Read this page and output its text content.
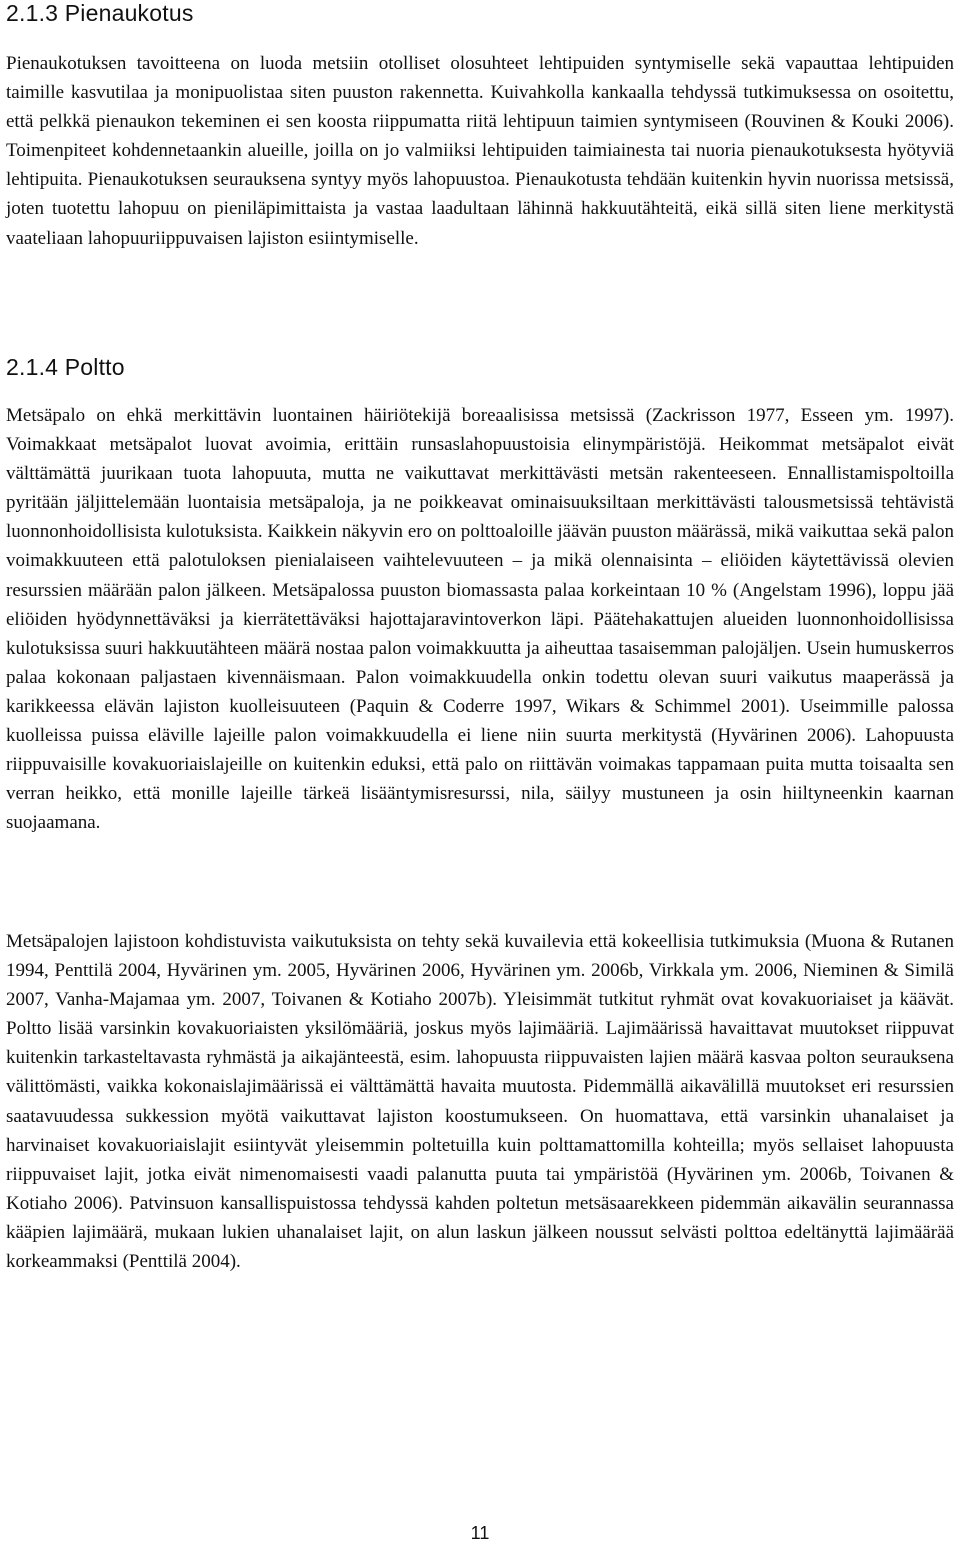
2.1.3 Pienaukotus

Pienaukotuksen tavoitteena on luoda metsiin otolliset olosuhteet lehtipuiden syntymiselle sekä vapauttaa lehtipuiden taimille kasvutilaa ja monipuolistaa siten puuston rakennetta. Kuivahkolla kankaalla tehdyssä tutkimuksessa on osoitettu, että pelkkä pienaukon tekeminen ei sen koosta riippumatta riitä lehtipuun taimien syntymiseen (Rouvinen & Kouki 2006). Toimenpiteet kohdennetaankin alueille, joilla on jo valmiiksi lehtipuiden taimiainesta tai nuoria pienaukotuksesta hyötyviä lehtipuita. Pienaukotuksen seurauksena syntyy myös lahopuustoa. Pienaukotusta tehdään kuitenkin hyvin nuorissa metsissä, joten tuotettu lahopuu on pieniläpimittaista ja vastaa laadultaan lähinnä hakkuutähteitä, eikä sillä siten liene merkitystä vaateliaan lahopuuriippuvaisen lajiston esiintymiselle.

2.1.4 Poltto

Metsäpalo on ehkä merkittävin luontainen häiriötekijä boreaalisissa metsissä (Zackrisson 1977, Esseen ym. 1997). Voimakkaat metsäpalot luovat avoimia, erittäin runsaslahopuustoisia elinympäristöjä. Heikommat metsäpalot eivät välttämättä juurikaan tuota lahopuuta, mutta ne vaikuttavat merkittävästi metsän rakenteeseen. Ennallistamispoltoilla pyritään jäljittelemään luontaisia metsäpaloja, ja ne poikkeavat ominaisuuksiltaan merkittävästi talousmetsissä tehtävistä luonnonhoidollisista kulotuksista. Kaikkein näkyvin ero on polttoaloille jäävän puuston määrässä, mikä vaikuttaa sekä palon voimakkuuteen että palotuloksen pienialaiseen vaihtelevuuteen – ja mikä olennaisinta – eliöiden käytettävissä olevien resurssien määrään palon jälkeen. Metsäpalossa puuston biomassasta palaa korkeintaan 10 % (Angelstam 1996), loppu jää eliöiden hyödynnettäväksi ja kierrätettäväksi hajottajaravintoverkon läpi. Päätehakattujen alueiden luonnonhoidollisissa kulotuksissa suuri hakkuutähteen määrä nostaa palon voimakkuutta ja aiheuttaa tasaisemman palojäljen. Usein humuskerros palaa kokonaan paljastaen kivennäismaan. Palon voimakkuudella onkin todettu olevan suuri vaikutus maaperässä ja karikkeessa elävän lajiston kuolleisuuteen (Paquin & Coderre 1997, Wikars & Schimmel 2001). Useimmille palossa kuolleissa puissa eläville lajeille palon voimakkuudella ei liene niin suurta merkitystä (Hyvärinen 2006). Lahopuusta riippuvaisille kovakuoriaislajeille on kuitenkin eduksi, että palo on riittävän voimakas tappamaan puita mutta toisaalta sen verran heikko, että monille lajeille tärkeä lisääntymisresurssi, nila, säilyy mustuneen ja osin hiiltyneenkin kaarnan suojaamana.

Metsäpalojen lajistoon kohdistuvista vaikutuksista on tehty sekä kuvailevia että kokeellisia tutkimuksia (Muona & Rutanen 1994, Penttilä 2004, Hyvärinen ym. 2005, Hyvärinen 2006, Hyvärinen ym. 2006b, Virkkala ym. 2006, Nieminen & Similä 2007, Vanha-Majamaa ym. 2007, Toivanen & Kotiaho 2007b). Yleisimmät tutkitut ryhmät ovat kovakuoriaiset ja käävät. Poltto lisää varsinkin kovakuoriaisten yksilömääriä, joskus myös lajimääriä. Lajimäärissä havaittavat muutokset riippuvat kuitenkin tarkasteltavasta ryhmästä ja aikajänteestä, esim. lahopuusta riippuvaisten lajien määrä kasvaa polton seurauksena välittömästi, vaikka kokonaislajimäärissä ei välttämättä havaita muutosta. Pidemmällä aikavälillä muutokset eri resurssien saatavuudessa sukkession myötä vaikuttavat lajiston koostumukseen. On huomattava, että varsinkin uhanalaiset ja harvinaiset kovakuoriaislajit esiintyvät yleisemmin poltetuilla kuin polttamattomilla kohteilla; myös sellaiset lahopuusta riippuvaiset lajit, jotka eivät nimenomaisesti vaadi palanutta puuta tai ympäristöä (Hyvärinen ym. 2006b, Toivanen & Kotiaho 2006). Patvinsuon kansallispuistossa tehdyssä kahden poltetun metsäsaarekkeen pidemmän aikavälin seurannassa kääpien lajimäärä, mukaan lukien uhanalaiset lajit, on alun laskun jälkeen noussut selvästi polttoa edeltänyttä lajimäärää korkeammaksi (Penttilä 2004).

11
